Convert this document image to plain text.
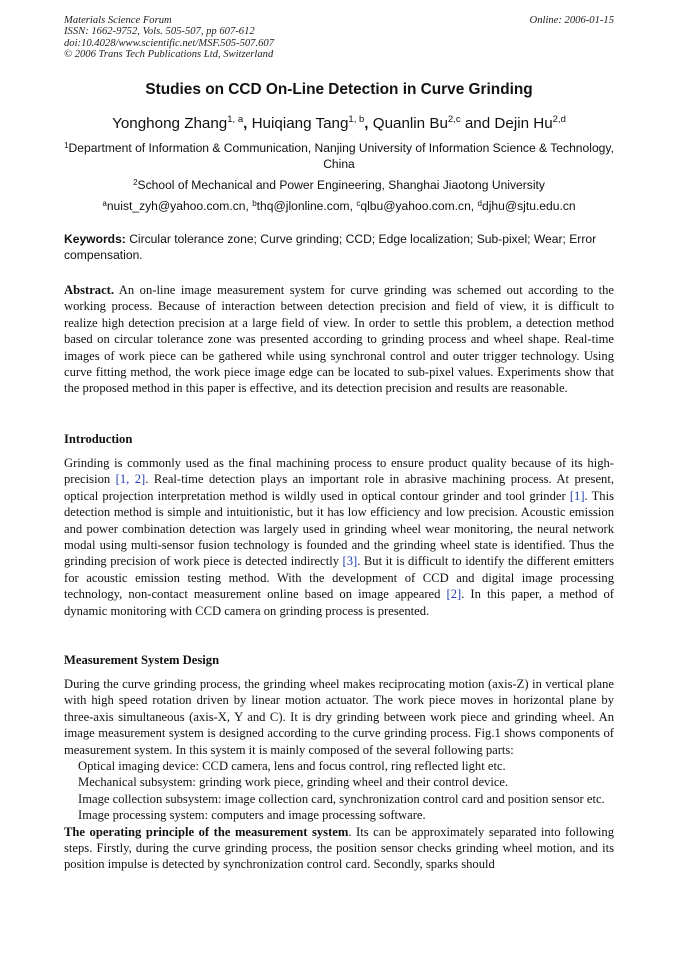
Materials Science Forum
ISSN: 1662-9752, Vols. 505-507, pp 607-612
doi:10.4028/www.scientific.net/MSF.505-507.607
© 2006 Trans Tech Publications Ltd, Switzerland
Online: 2006-01-15
Studies on CCD On-Line Detection in Curve Grinding
Yonghong Zhang$^{1, a}$, Huiqiang Tang$^{1, b}$, Quanlin Bu$^{2,c}$ and Dejin Hu$^{2,d}$
$^1$Department of Information & Communication, Nanjing University of Information Science & Technology, China
$^2$School of Mechanical and Power Engineering, Shanghai Jiaotong University
$^a$nuist_zyh@yahoo.com.cn, $^b$thq@jlonline.com, $^c$qlbu@yahoo.com.cn, $^d$djhu@sjtu.edu.cn
Keywords: Circular tolerance zone; Curve grinding; CCD; Edge localization; Sub-pixel; Wear; Error compensation.

Abstract. An on-line image measurement system for curve grinding was schemed out according to the working process. Because of interaction between detection precision and field of view, it is difficult to realize high detection precision at a large field of view. In order to settle this problem, a detection method based on circular tolerance zone was presented according to grinding process and wheel shape. Real-time images of work piece can be gathered while using synchronal control and outer trigger technology. Using curve fitting method, the work piece image edge can be located to sub-pixel values. Experiments show that the proposed method in this paper is effective, and its detection precision and results are reasonable.

Introduction

Grinding is commonly used as the final machining process to ensure product quality because of its high-precision [1, 2]. Real-time detection plays an important role in abrasive machining process. At present, optical projection interpretation method is wildly used in optical contour grinder and tool grinder [1]. This detection method is simple and intuitionistic, but it has low efficiency and low precision. Acoustic emission and power combination detection was largely used in grinding wheel wear monitoring, the neural network modal using multi-sensor fusion technology is founded and the grinding wheel state is identified. Thus the grinding precision of work piece is detected indirectly [3]. But it is difficult to identify the different emitters for acoustic emission testing method. With the development of CCD and digital image processing technology, non-contact measurement online based on image appeared [2]. In this paper, a method of dynamic monitoring with CCD camera on grinding process is presented.

Measurement System Design

During the curve grinding process, the grinding wheel makes reciprocating motion (axis-Z) in vertical plane with high speed rotation driven by linear motion actuator. The work piece moves in horizontal plane by three-axis simultaneous (axis-X, Y and C). It is dry grinding between work piece and grinding wheel. An image measurement system is designed according to the curve grinding process. Fig.1 shows components of measurement system. In this system it is mainly composed of the several following parts:

Optical imaging device: CCD camera, lens and focus control, ring reflected light etc.

Mechanical subsystem: grinding work piece, grinding wheel and their control device.

Image collection subsystem: image collection card, synchronization control card and position sensor etc.

Image processing system: computers and image processing software.

The operating principle of the measurement system. Its can be approximately separated into following steps. Firstly, during the curve grinding process, the position sensor checks grinding wheel motion, and its position impulse is detected by synchronization control card. Secondly, sparks should
